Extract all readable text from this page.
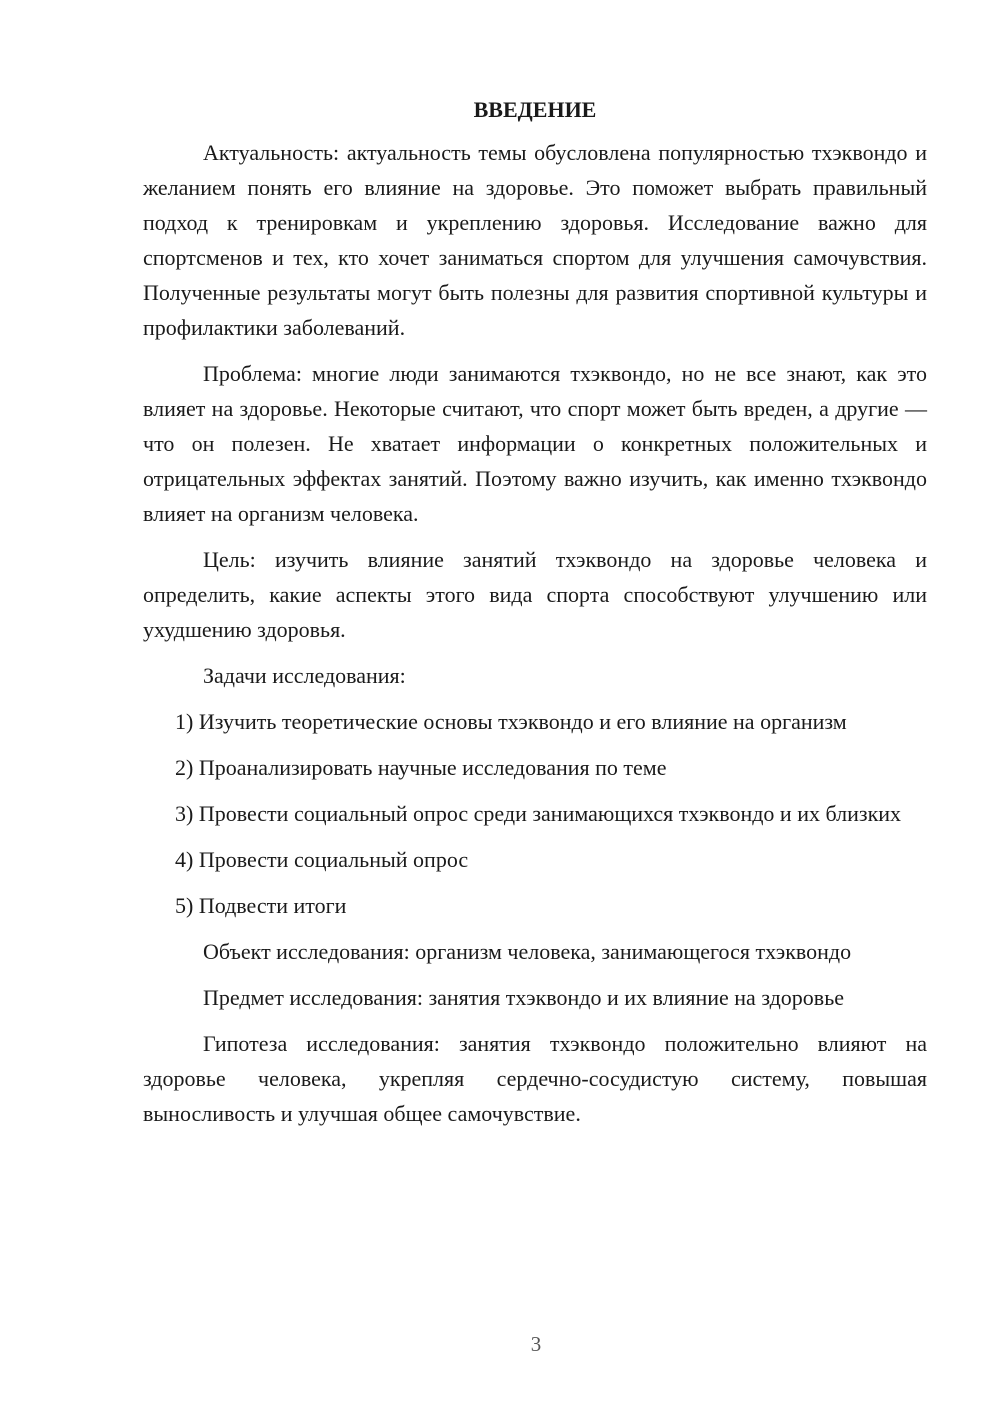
ВВЕДЕНИЕ

Актуальность: актуальность темы обусловлена популярностью тхэквондо и желанием понять его влияние на здоровье. Это поможет выбрать правильный подход к тренировкам и укреплению здоровья. Исследование важно для спортсменов и тех, кто хочет заниматься спортом для улучшения самочувствия. Полученные результаты могут быть полезны для развития спортивной культуры и профилактики заболеваний.

Проблема: многие люди занимаются тхэквондо, но не все знают, как это влияет на здоровье. Некоторые считают, что спорт может быть вреден, а другие — что он полезен. Не хватает информации о конкретных положительных и отрицательных эффектах занятий. Поэтому важно изучить, как именно тхэквондо влияет на организм человека.

Цель: изучить влияние занятий тхэквондо на здоровье человека и определить, какие аспекты этого вида спорта способствуют улучшению или ухудшению здоровья.

Задачи исследования:

1) Изучить теоретические основы тхэквондо и его влияние на организм

2) Проанализировать научные исследования по теме

3) Провести социальный опрос среди занимающихся тхэквондо и их близких

4) Провести социальный опрос

5) Подвести итоги

Объект исследования: организм человека, занимающегося тхэквондо

Предмет исследования: занятия тхэквондо и их влияние на здоровье

Гипотеза исследования: занятия тхэквондо положительно влияют на здоровье человека, укрепляя сердечно-сосудистую систему, повышая выносливость и улучшая общее самочувствие.

3
